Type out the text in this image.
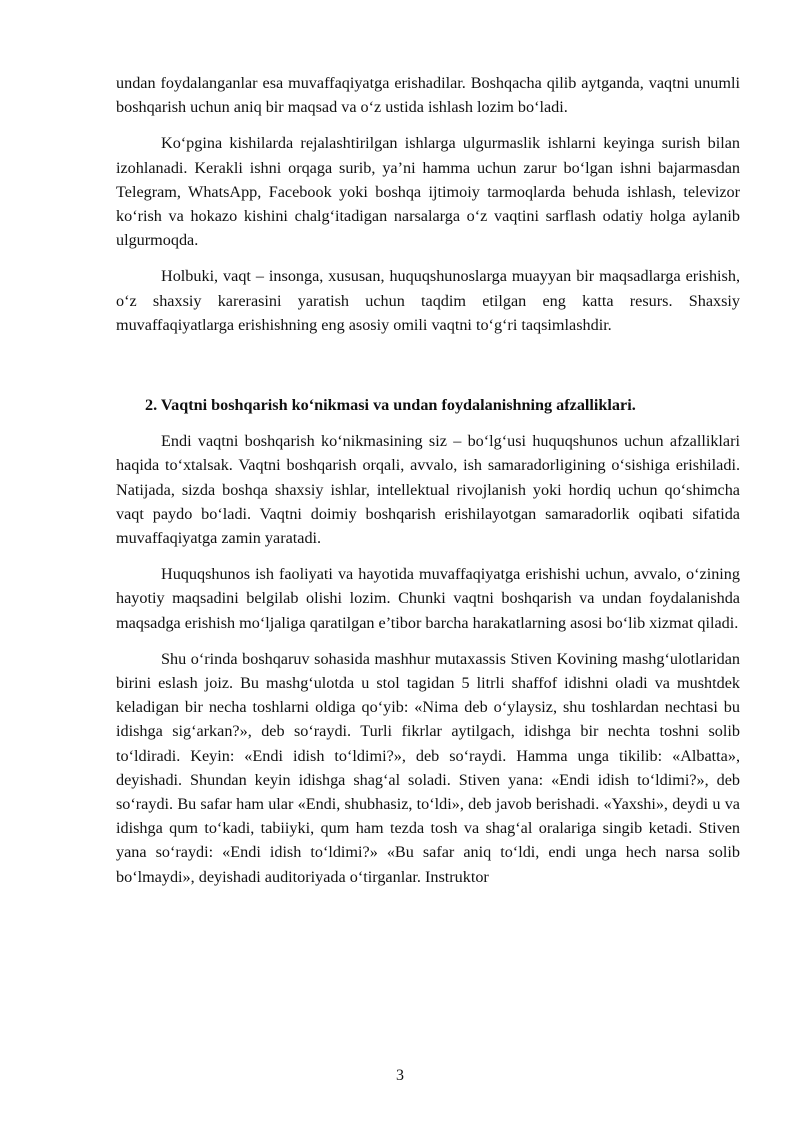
undan foydalanganlar esa muvaffaqiyatga erishadilar. Boshqacha qilib aytganda, vaqtni unumli boshqarish uchun aniq bir maqsad va o‘z ustida ishlash lozim bo‘ladi.

Ko‘pgina kishilarda rejalashtirilgan ishlarga ulgurmaslik ishlarni keyinga surish bilan izohlanadi. Kerakli ishni orqaga surib, ya’ni hamma uchun zarur bo‘lgan ishni bajarmasdan Telegram, WhatsApp, Facebook yoki boshqa ijtimoiy tarmoqlarda behuda ishlash, televizor ko‘rish va hokazo kishini chalg‘itadigan narsalarga o‘z vaqtini sarflash odatiy holga aylanib ulgurmoqda.

Holbuki, vaqt – insonga, xususan, huquqshunoslarga muayyan bir maqsadlarga erishish, o‘z shaxsiy karerasini yaratish uchun taqdim etilgan eng katta resurs. Shaxsiy muvaffaqiyatlarga erishishning eng asosiy omili vaqtni to‘g‘ri taqsimlashdir.

2. Vaqtni boshqarish ko‘nikmasi va undan foydalanishning afzalliklari.

Endi vaqtni boshqarish ko‘nikmasining siz – bo‘lg‘usi huquqshunos uchun afzalliklari haqida to‘xtalsak. Vaqtni boshqarish orqali, avvalo, ish samaradorligining o‘sishiga erishiladi. Natijada, sizda boshqa shaxsiy ishlar, intellektual rivojlanish yoki hordiq uchun qo‘shimcha vaqt paydo bo‘ladi. Vaqtni doimiy boshqarish erishilayotgan samaradorlik oqibati sifatida muvaffaqiyatga zamin yaratadi.

Huquqshunos ish faoliyati va hayotida muvaffaqiyatga erishishi uchun, avvalo, o‘zining hayotiy maqsadini belgilab olishi lozim. Chunki vaqtni boshqarish va undan foydalanishda maqsadga erishish mo‘ljaliga qaratilgan e’tibor barcha harakatlarning asosi bo‘lib xizmat qiladi.

Shu o‘rinda boshqaruv sohasida mashhur mutaxassis Stiven Kovining mashg‘ulotlaridan birini eslash joiz. Bu mashg‘ulotda u stol tagidan 5 litrli shaffof idishni oladi va mushtdek keladigan bir necha toshlarni oldiga qo‘yib: «Nima deb o‘ylaysiz, shu toshlardan nechtasi bu idishga sig‘arkan?», deb so‘raydi. Turli fikrlar aytilgach, idishga bir nechta toshni solib to‘ldiradi. Keyin: «Endi idish to‘ldimi?», deb so‘raydi. Hamma unga tikilib: «Albatta», deyishadi. Shundan keyin idishga shag‘al soladi. Stiven yana: «Endi idish to‘ldimi?», deb so‘raydi. Bu safar ham ular «Endi, shubhasiz, to‘ldi», deb javob berishadi. «Yaxshi», deydi u va idishga qum to‘kadi, tabiiyki, qum ham tezda tosh va shag‘al oralariga singib ketadi. Stiven yana so‘raydi: «Endi idish to‘ldimi?» «Bu safar aniq to‘ldi, endi unga hech narsa solib bo‘lmaydi», deyishadi auditoriyada o‘tirganlar. Instruktor

3
